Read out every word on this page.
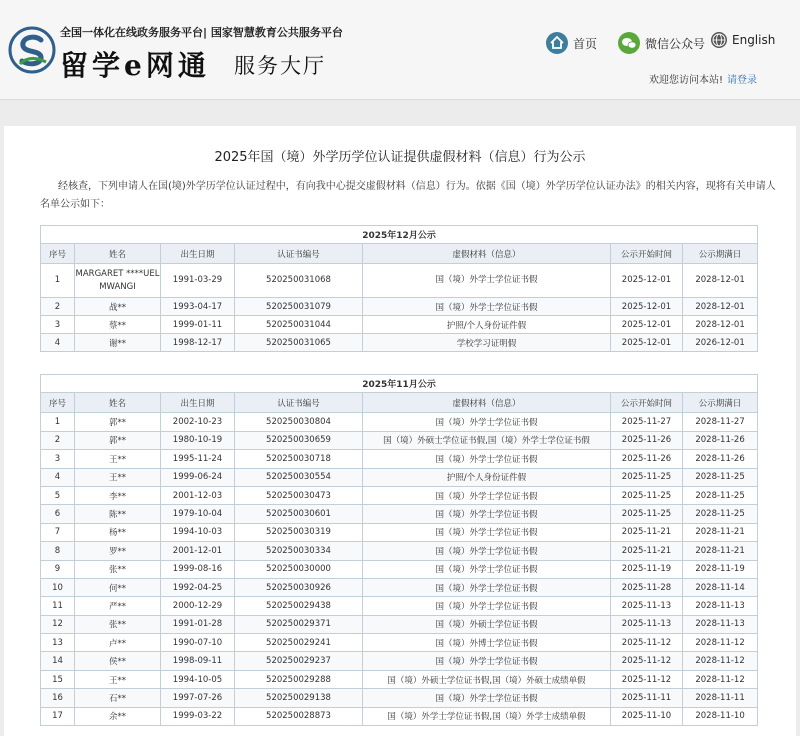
全国一体化在线政务服务平台| 国家智慧教育公共服务平台
留学e网通 服务大厅
首页	微信公众号 English
欢迎您访问本站! 请登录
2025年国（境）外学历学位认证提供虚假材料（信息）行为公示
经核查，下列申请人在国(境)外学历学位认证过程中，有向我中心提交虚假材料（信息）行为。依据《国（境）外学历学位认证办法》的相关内容，现将有关申请人名单公示如下：
2025年12月公示						
序号	姓名	出生日期	认证书编号	虚假材料（信息）	公示开始时间	公示期满日
1	MARGARET ****UEL MWANGI	1991-03-29	520250031068	国（境）外学士学位证书假	2025-12-01	2028-12-01
2	战**	1993-04-17	520250031079	国（境）外学士学位证书假	2025-12-01	2028-12-01
3	蔡**	1999-01-11	520250031044	护照/个人身份证件假	2025-12-01	2028-12-01
4	谢**	1998-12-17	520250031065	学校学习证明假	2025-12-01	2026-12-01
2025年11月公示						
序号	姓名	出生日期	认证书编号	虚假材料（信息）	公示开始时间	公示期满日
1	郭**	2002-10-23	520250030804	国（境）外学士学位证书假	2025-11-27	2028-11-27
2	郭**	1980-10-19	520250030659	国（境）外硕士学位证书假,国（境）外学士学位证书假	2025-11-26	2028-11-26
3	王**	1995-11-24	520250030718	国（境）外学士学位证书假	2025-11-26	2028-11-26
4	王**	1999-06-24	520250030554	护照/个人身份证件假	2025-11-25	2028-11-25
5	李**	2001-12-03	520250030473	国（境）外学士学位证书假	2025-11-25	2028-11-25
6	陈**	1979-10-04	520250030601	国（境）外学士学位证书假	2025-11-25	2028-11-25
7	杨**	1994-10-03	520250030319	国（境）外学士学位证书假	2025-11-21	2028-11-21
8	罗**	2001-12-01	520250030334	国（境）外学士学位证书假	2025-11-21	2028-11-21
9	张**	1999-08-16	520250030000	国（境）外学士学位证书假	2025-11-19	2028-11-19
10	何**	1992-04-25	520250030926	国（境）外学士学位证书假	2025-11-28	2028-11-14
11	严**	2000-12-29	520250029438	国（境）外学士学位证书假	2025-11-13	2028-11-13
12	张**	1991-01-28	520250029371	国（境）外硕士学位证书假	2025-11-13	2028-11-13
13	卢**	1990-07-10	520250029241	国（境）外博士学位证书假	2025-11-12	2028-11-12
14	侯**	1998-09-11	520250029237	国（境）外学士学位证书假	2025-11-12	2028-11-12
15	王**	1994-10-05	520250029288	国（境）外硕士学位证书假,国（境）外硕士成绩单假	2025-11-12	2028-11-12
16	石**	1997-07-26	520250029138	国（境）外学士学位证书假	2025-11-11	2028-11-11
17	余**	1999-03-22	520250028873	国（境）外学士学位证书假,国（境）外学士成绩单假	2025-11-10	2028-11-10
